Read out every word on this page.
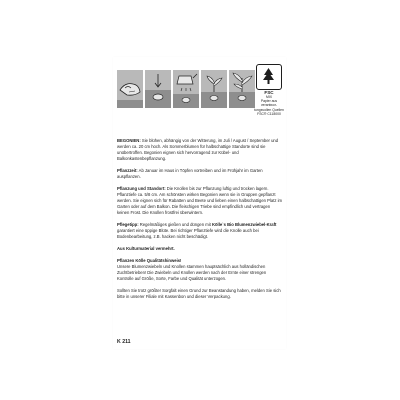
FSC
MIX
Papier aus verantwor-
tungsvollen Quellen
FSC® C118000

BEGONIEN: Sie blühen, abhängig von der Witterung, im Juli / August / September und werden ca. 20 cm hoch. Als Sommerblumen für halbschattige Standorte sind sie unübertroffen. Begonien eignen sich hervorragend zur Kübel- und Balkonkastenbepflanzung.

Pflanzzeit: Ab Januar im Haus in Töpfen vortreiben und im Frühjahr im Garten auspflanzen.

Pflanzung und Standort: Die Knollen bis zur Pflanzung luftig und trocken lagern. Pflanztiefe ca. 5/8 cm. Am schönsten wirken Begonien wenn sie in Gruppen gepflanzt werden. Sie eignen sich für Rabatten und Beete und lieben einen halbschattigen Platz im Garten oder auf dem Balkon. Die fleischigen Triebe sind empfindlich und vertragen keinen Frost. Die Knollen frostfrei überwintern.

Pflegetipp: Regelmäßiges gießen und düngen mit Kölle`s Bio Blumenzwiebel-Kraft garantiert eine üppige Blüte. Bei richtiger Pflanztiefe wird die Knolle auch bei Bodenbearbeitung, z.B. hacken nicht beschädigt.

Aus Kulturmaterial vermehrt.

Pflanzen Kölle Qualitätshinweis!
Unsere Blumenzwiebeln und Knollen stammen hauptsächlich aus holländischen Zuchtbetrieben! Die Zwiebeln und Knollen werden nach der Ernte einer strengen Kontrolle auf Größe, Sorte, Farbe und Qualität unterzogen.

Sollten Sie trotz größter Sorgfalt einen Grund zur Beanstandung haben, melden Sie sich bitte in unserer Filiale mit Kassenbon und dieser Verpackung.

K 211
